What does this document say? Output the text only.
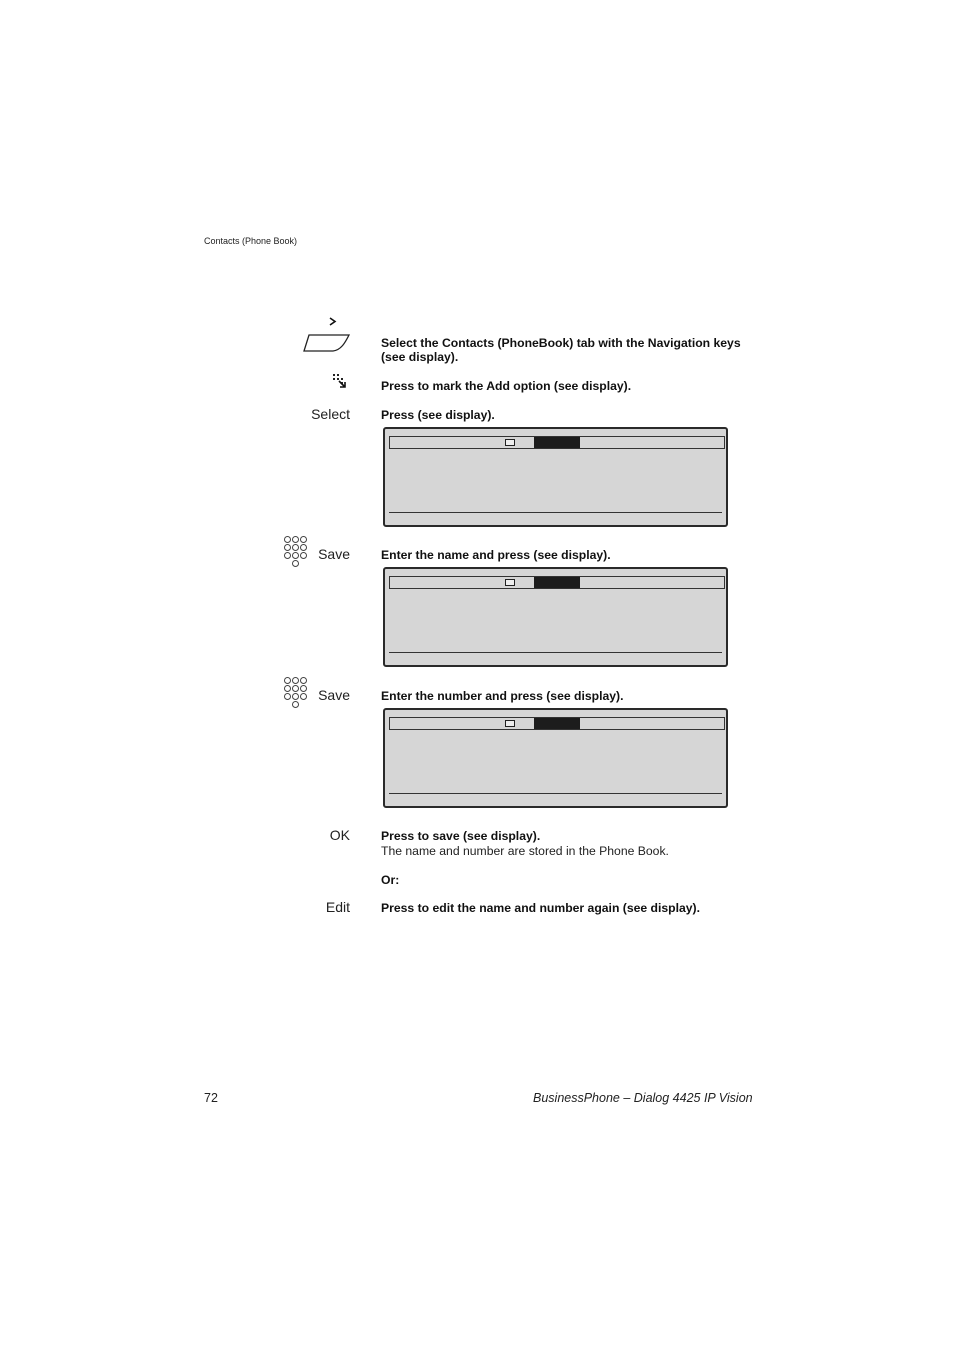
Contacts (Phone Book)
Select the Contacts (PhoneBook) tab with the Navigation keys (see display).
Press to mark the Add option (see display).
Select	Press (see display).
Save	Enter the name and press (see display).
Save	Enter the number and press (see display).
OK	Press to save (see display).
The name and number are stored in the Phone Book.
Or:
Edit	Press to edit the name and number again (see display).
72	BusinessPhone – Dialog 4425 IP Vision
